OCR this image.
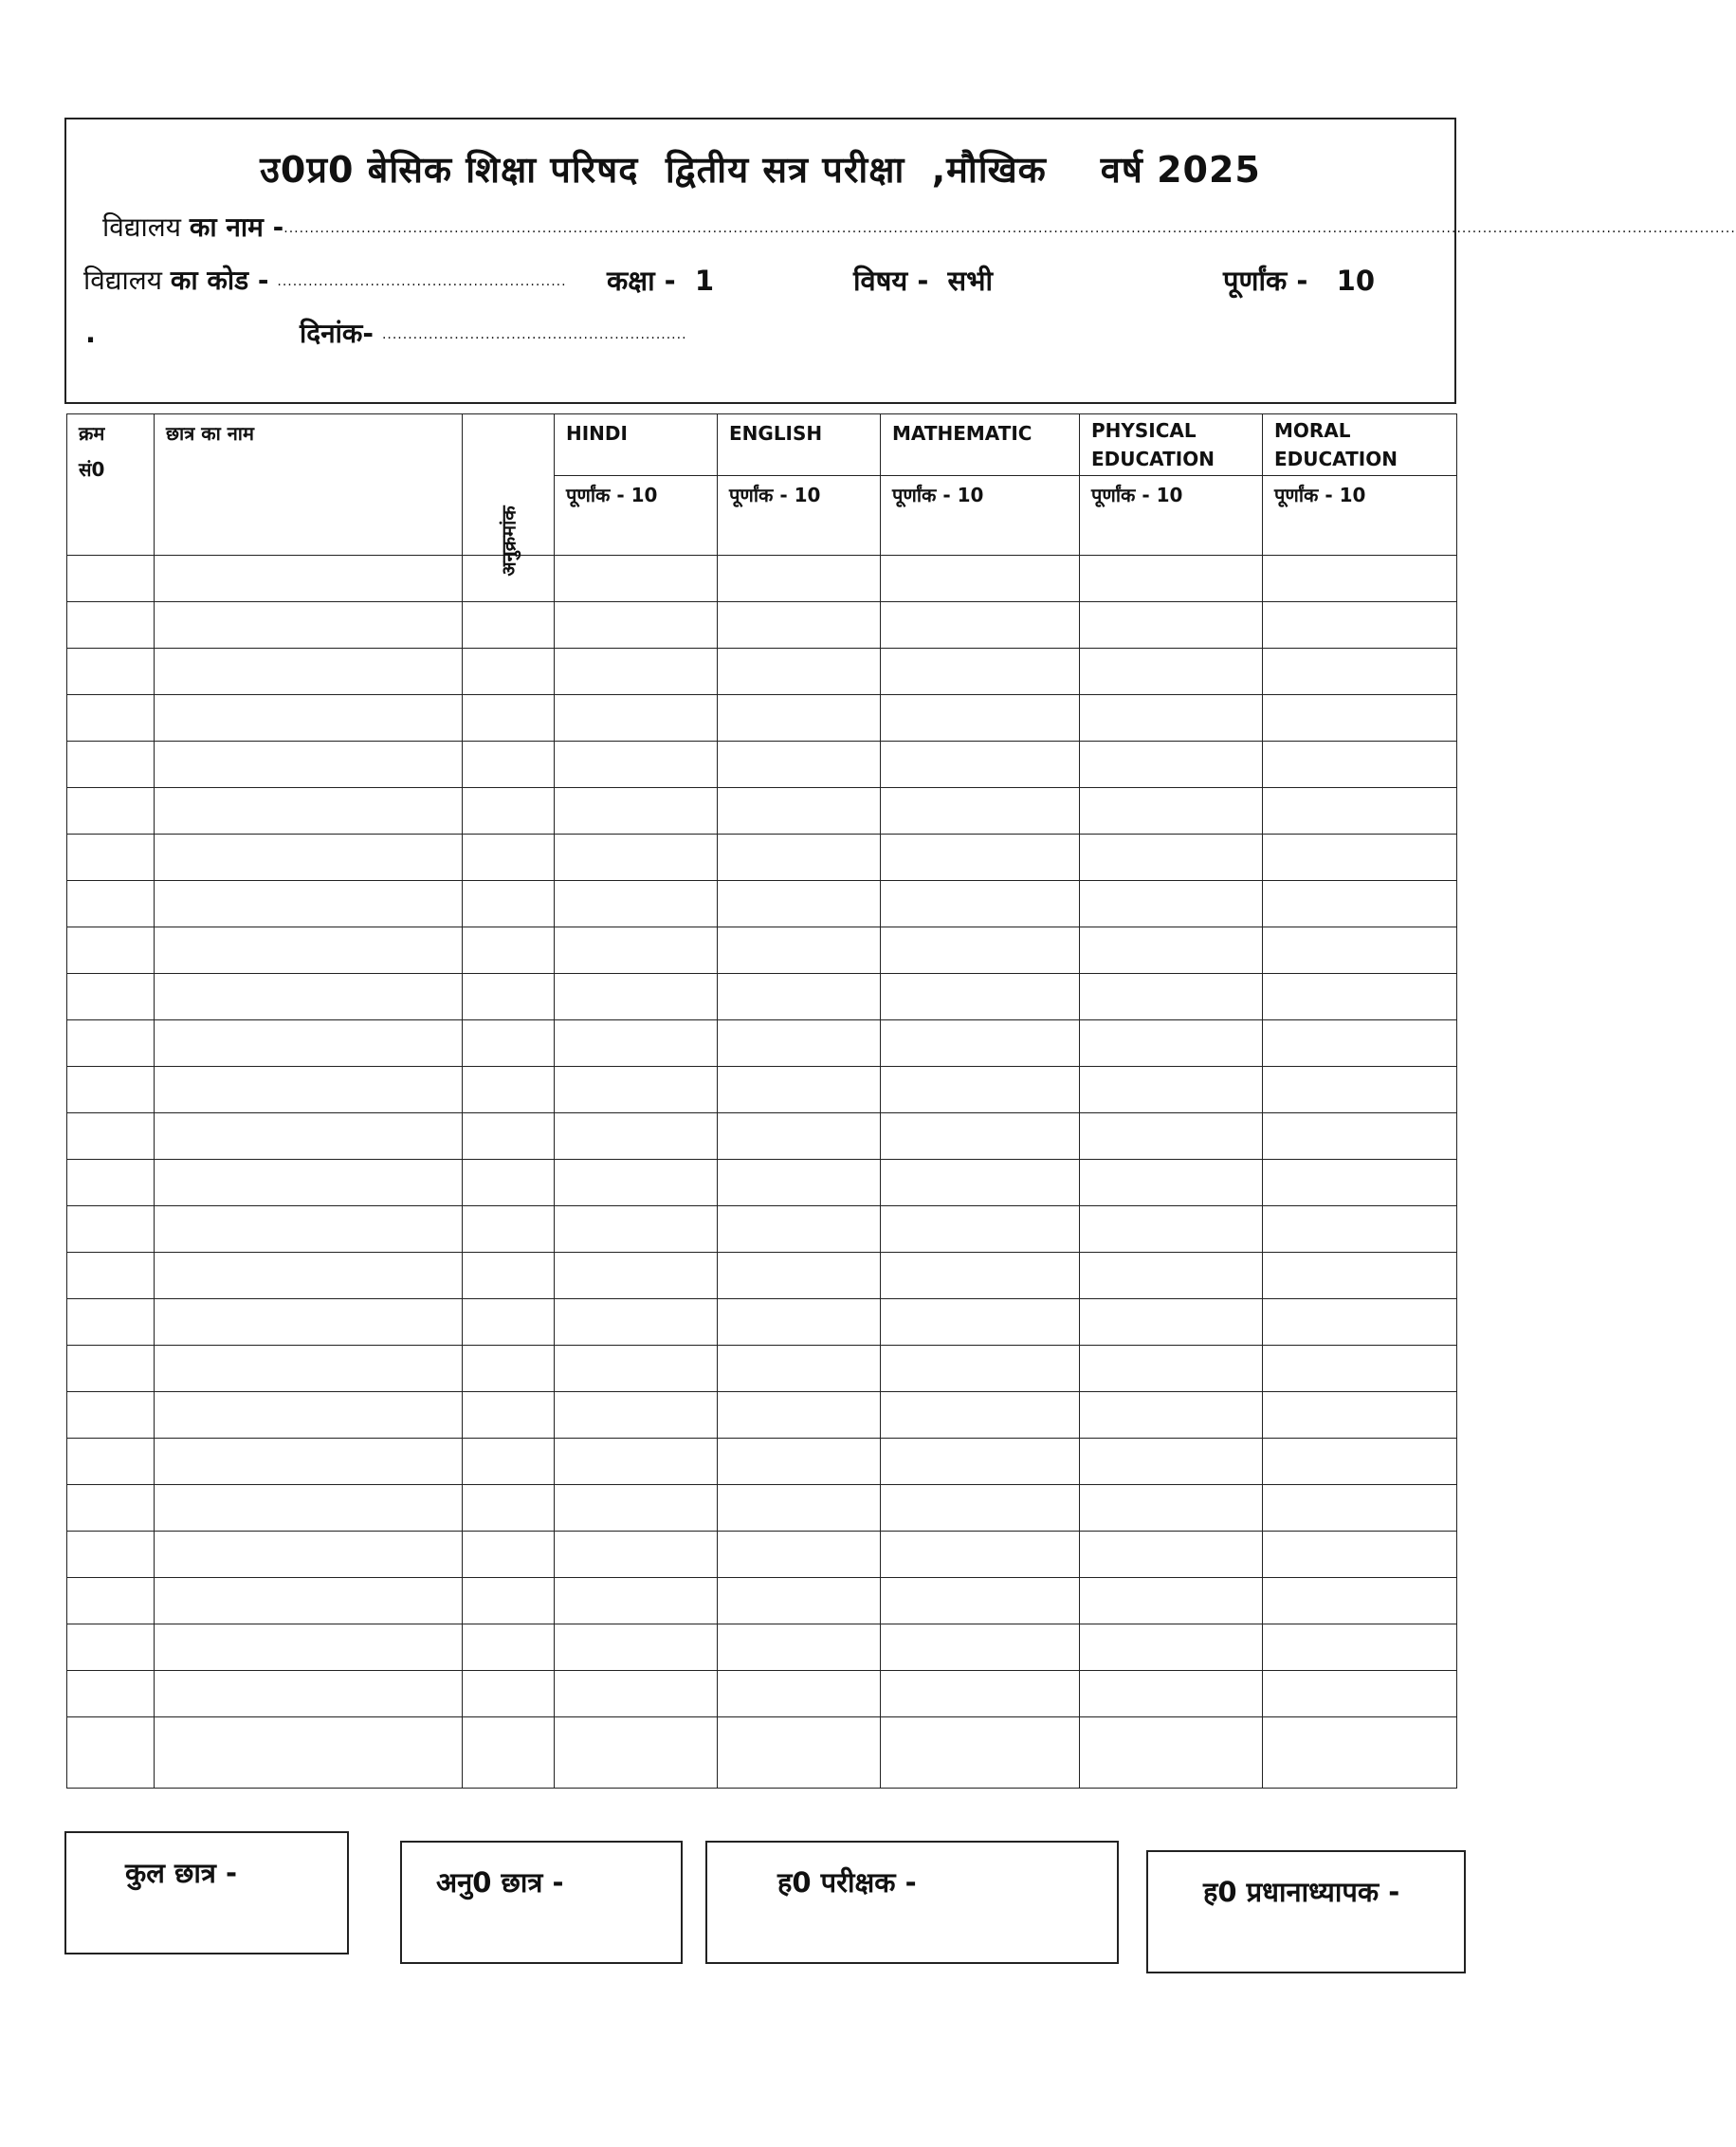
उ0प्र0 बेसिक शिक्षा परिषद  द्वितीय सत्र परीक्षा  ,मौखिक    वर्ष 2025
विद्यालय का नाम -.........................................................................................................................................................................................................................................................................................
विद्यालय का कोड - ........................................................ कक्षा -  1	विषय -  सभी	पूर्णांक -   10
.	दिनांक- ...........................................................
क्रम
सं0	छात्र का नाम	अनुक्रमांक	HINDI	ENGLISH	MATHEMATIC	PHYSICAL EDUCATION	MORAL EDUCATION
			पूर्णांक - 10	पूर्णांक - 10	पूर्णांक - 10	पूर्णांक - 10	पूर्णांक - 10

कुल छात्र -

	अनु0 छात्र -

	ह0 परीक्षक -

	ह0 प्रधानाध्यापक -
